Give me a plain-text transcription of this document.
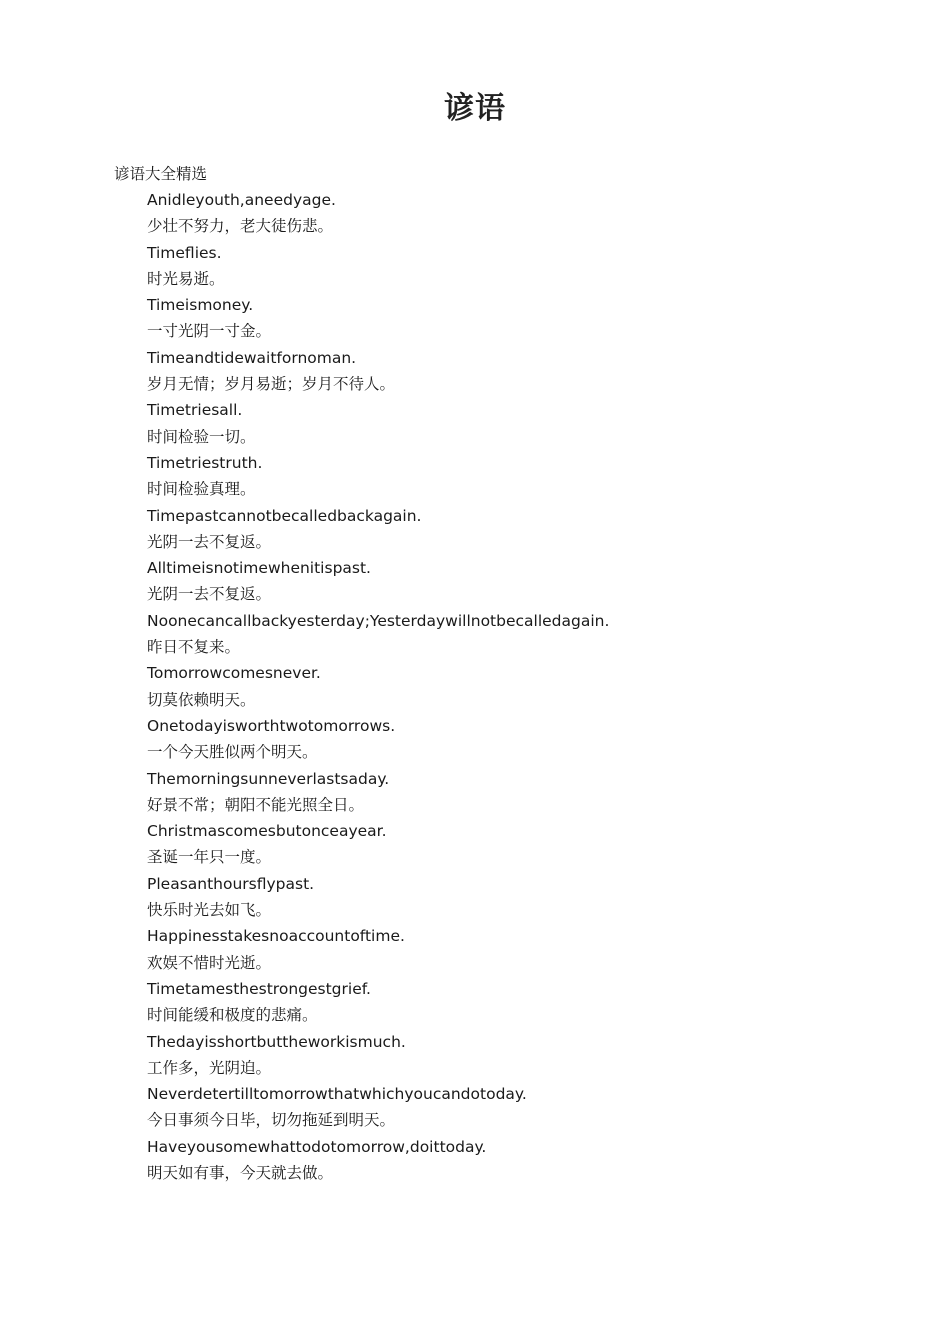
谚语
谚语大全精选
Anidleyouth,aneedyage.
少壮不努力，老大徒伤悲。
Timeflies.
时光易逝。
Timeismoney.
一寸光阴一寸金。
Timeandtidewaitfornoman.
岁月无情；岁月易逝；岁月不待人。
Timetriesall.
时间检验一切。
Timetriestruth.
时间检验真理。
Timepastcannotbecalledbackagain.
光阴一去不复返。
Alltimeisnotimewhenitispast.
光阴一去不复返。
Noonecancallbackyesterday;Yesterdaywillnotbecalledagain.
昨日不复来。
Tomorrowcomesnever.
切莫依赖明天。
Onetodayisworthtwotomorrows.
一个今天胜似两个明天。
Themorningsunneverlastsaday.
好景不常；朝阳不能光照全日。
Christmascomesbutonceayear.
圣诞一年只一度。
Pleasanthoursflypast.
快乐时光去如飞。
Happinesstakesnoaccountoftime.
欢娱不惜时光逝。
Timetamesthestrongestgrief.
时间能缓和极度的悲痛。
Thedayisshortbuttheworkismuch.
工作多，光阴迫。
Neverdetertilltomorrowthatwhichyoucandotoday.
今日事须今日毕，切勿拖延到明天。
Haveyousomewhattodotomorrow,doittoday.
明天如有事，今天就去做。
